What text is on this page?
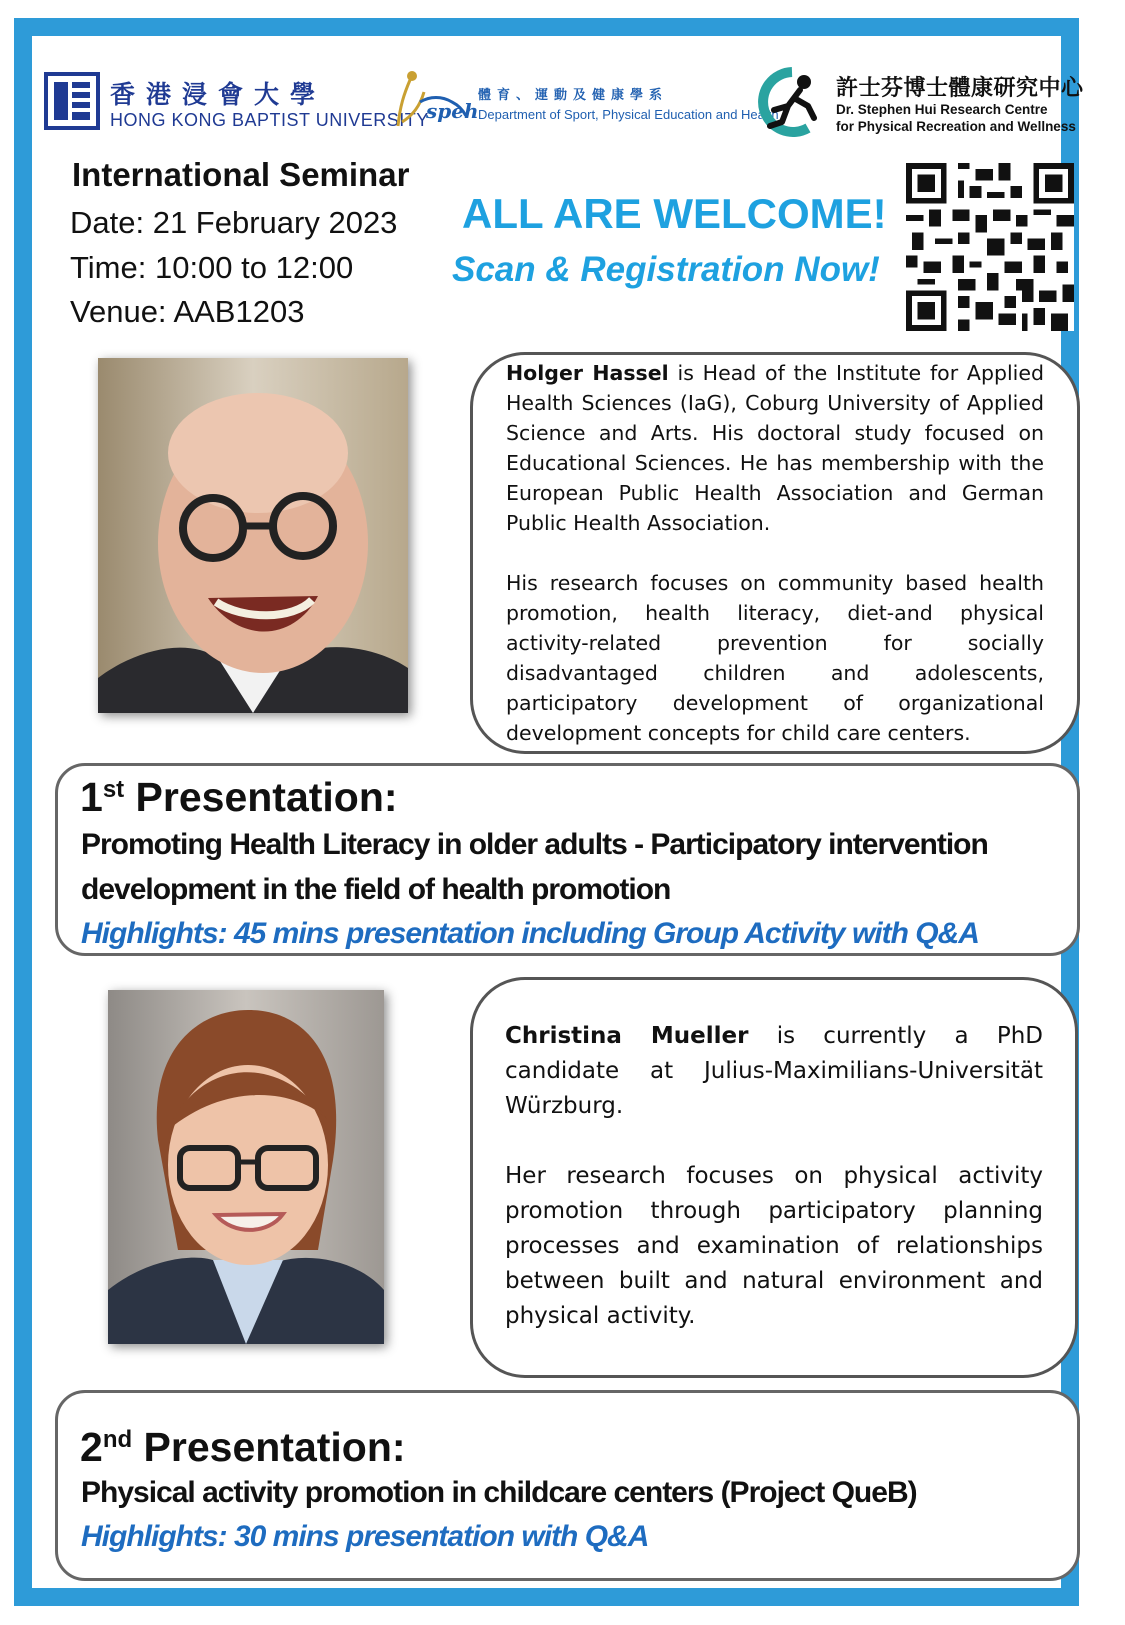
香港浸會大學
HONG KONG BAPTIST UNIVERSITY
speh
體育、運動及健康學系
Department of Sport, Physical Education and Health
許士芬博士體康研究中心
Dr. Stephen Hui Research Centre
for Physical Recreation and Wellness
International Seminar
Date: 21 February 2023
Time: 10:00 to 12:00
Venue: AAB1203
ALL ARE WELCOME!
Scan & Registration Now!

Holger Hassel is Head of the Institute for Applied Health Sciences (IaG), Coburg University of Applied Science and Arts. His doctoral study focused on Educational Sciences. He has membership with the European Public Health Association and German Public Health Association.

His research focuses on community based health promotion, health literacy, diet-and physical activity-related prevention for socially disadvantaged children and adolescents, participatory development of organizational development concepts for child care centers.

1st Presentation:
Promoting Health Literacy in older adults - Participatory intervention
development in the field of health promotion
Highlights: 45 mins presentation including Group Activity with Q&A

Christina Mueller is currently a PhD candidate at Julius-Maximilians-Universität Würzburg.

Her research focuses on physical activity promotion through participatory planning processes and examination of relationships between built and natural environment and physical activity.

2nd Presentation:
Physical activity promotion in childcare centers (Project QueB)
Highlights: 30 mins presentation with Q&A
